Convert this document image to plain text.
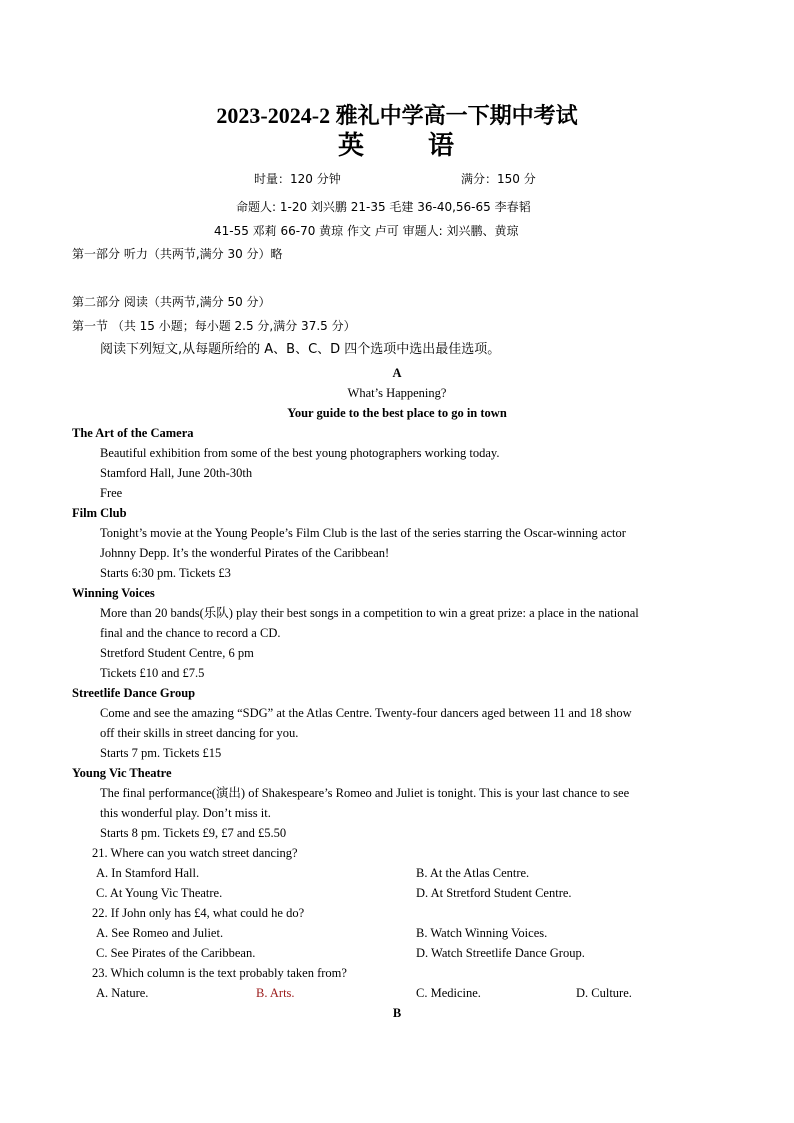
2023-2024-2 雅礼中学高一下期中考试
英 语
时量：120 分钟	满分：150 分
命题人: 1-20 刘兴鹏 21-35 毛建 36-40,56-65 李春韬
41-55 邓莉 66-70 黄琼 作文 卢可 审题人: 刘兴鹏、黄琼
第一部分 听力（共两节,满分 30 分）略
第二部分 阅读（共两节,满分 50 分）
第一节 （共 15 小题；每小题 2.5 分,满分 37.5 分）
阅读下列短文,从每题所给的 A、B、C、D 四个选项中选出最佳选项。
A
What’s Happening?
Your guide to the best place to go in town
The Art of the Camera
Beautiful exhibition from some of the best young photographers working today.
Stamford Hall, June 20th-30th
Free
Film Club
Tonight’s movie at the Young People’s Film Club is the last of the series starring the Oscar-winning actor
Johnny Depp. It’s the wonderful Pirates of the Caribbean!
Starts 6:30 pm. Tickets £3
Winning Voices
More than 20 bands(乐队) play their best songs in a competition to win a great prize: a place in the national
final and the chance to record a CD.
Stretford Student Centre, 6 pm
Tickets £10 and £7.5
Streetlife Dance Group
Come and see the amazing “SDG” at the Atlas Centre. Twenty-four dancers aged between 11 and 18 show
off their skills in street dancing for you.
Starts 7 pm. Tickets £15
Young Vic Theatre
The final performance(演出) of Shakespeare’s Romeo and Juliet is tonight. This is your last chance to see
this wonderful play. Don’t miss it.
Starts 8 pm. Tickets £9, £7 and £5.50
21. Where can you watch street dancing?
A. In Stamford Hall.	B. At the Atlas Centre.
C. At Young Vic Theatre.	D. At Stretford Student Centre.
22. If John only has £4, what could he do?
A. See Romeo and Juliet.	B. Watch Winning Voices.
C. See Pirates of the Caribbean.	D. Watch Streetlife Dance Group.
23. Which column is the text probably taken from?
A. Nature.	B. Arts.	C. Medicine.	D. Culture.
B
